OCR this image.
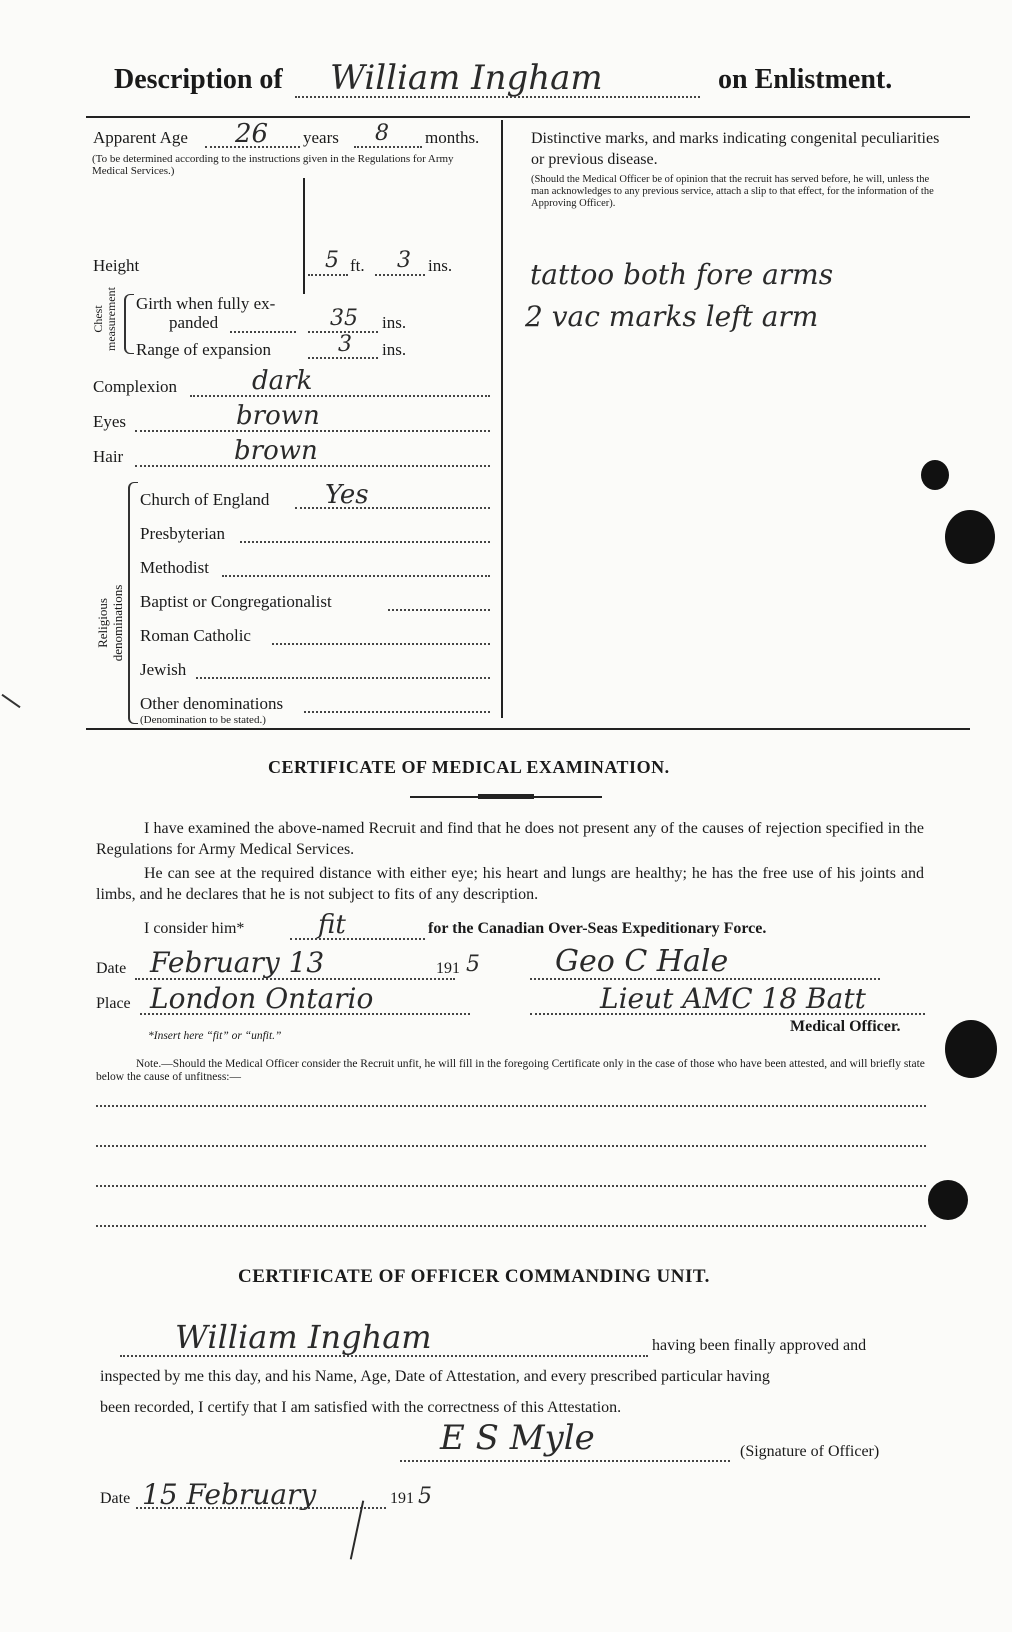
Description of William Ingham	on Enlistment.
Apparent Age 26 years 8 months.
(To be determined according to the instructions given in the Regulations for Army Medical Services.)
Distinctive marks, and marks indicating congenital peculiarities or previous disease.
(Should the Medical Officer be of opinion that the recruit has served before, he will, unless the man acknowledges to any previous service, attach a slip to that effect, for the information of the Approving Officer).
tattoo both fore arms
2 vac marks left arm
Height	5 ft. 3 ins.
Chest measurement Girth when fully ex-
panded	35 ins.
Range of expansion	3 ins.
Complexion	dark
Eyes	brown
Hair	brown
Religious denominations
Church of England Yes
Presbyterian
Methodist
Baptist or Congregationalist
Roman Catholic
Jewish
Other denominations
(Denomination to be stated.)
CERTIFICATE OF MEDICAL EXAMINATION.
I have examined the above-named Recruit and find that he does not present any of the causes of rejection specified in the Regulations for Army Medical Services.
He can see at the required distance with either eye; his heart and lungs are healthy; he has the free use of his joints and limbs, and he declares that he is not subject to fits of any description.
I consider him*	fit	for the Canadian Over-Seas Expeditionary Force.
Date February 13	191 5	Geo C Hale
Place London Ontario	Lieut AMC 18 Batt
Medical Officer.
*Insert here “fit” or “unfit.”
Note.—Should the Medical Officer consider the Recruit unfit, he will fill in the foregoing Certificate only in the case of those who have been attested, and will briefly state below the cause of unfitness:—
CERTIFICATE OF OFFICER COMMANDING UNIT.
William Ingham	having been finally approved and
inspected by me this day, and his Name, Age, Date of Attestation, and every prescribed particular having
been recorded, I certify that I am satisfied with the correctness of this Attestation.
E S Myle	(Signature of Officer)
Date 15 February	191 5
